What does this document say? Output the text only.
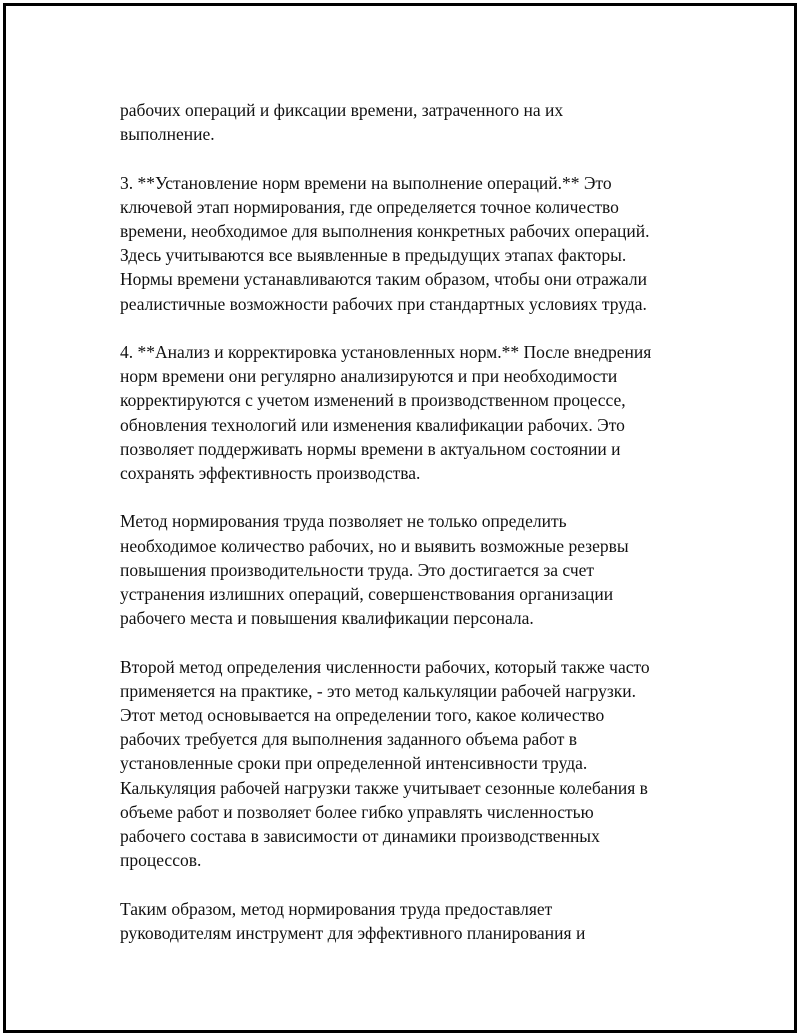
рабочих операций и фиксации времени, затраченного на их
выполнение.

3. **Установление норм времени на выполнение операций.** Это
ключевой этап нормирования, где определяется точное количество
времени, необходимое для выполнения конкретных рабочих операций.
Здесь учитываются все выявленные в предыдущих этапах факторы.
Нормы времени устанавливаются таким образом, чтобы они отражали
реалистичные возможности рабочих при стандартных условиях труда.

4. **Анализ и корректировка установленных норм.** После внедрения
норм времени они регулярно анализируются и при необходимости
корректируются с учетом изменений в производственном процессе,
обновления технологий или изменения квалификации рабочих. Это
позволяет поддерживать нормы времени в актуальном состоянии и
сохранять эффективность производства.

Метод нормирования труда позволяет не только определить
необходимое количество рабочих, но и выявить возможные резервы
повышения производительности труда. Это достигается за счет
устранения излишних операций, совершенствования организации
рабочего места и повышения квалификации персонала.

Второй метод определения численности рабочих, который также часто
применяется на практике, - это метод калькуляции рабочей нагрузки.
Этот метод основывается на определении того, какое количество
рабочих требуется для выполнения заданного объема работ в
установленные сроки при определенной интенсивности труда.
Калькуляция рабочей нагрузки также учитывает сезонные колебания в
объеме работ и позволяет более гибко управлять численностью
рабочего состава в зависимости от динамики производственных
процессов.

Таким образом, метод нормирования труда предоставляет
руководителям инструмент для эффективного планирования и
